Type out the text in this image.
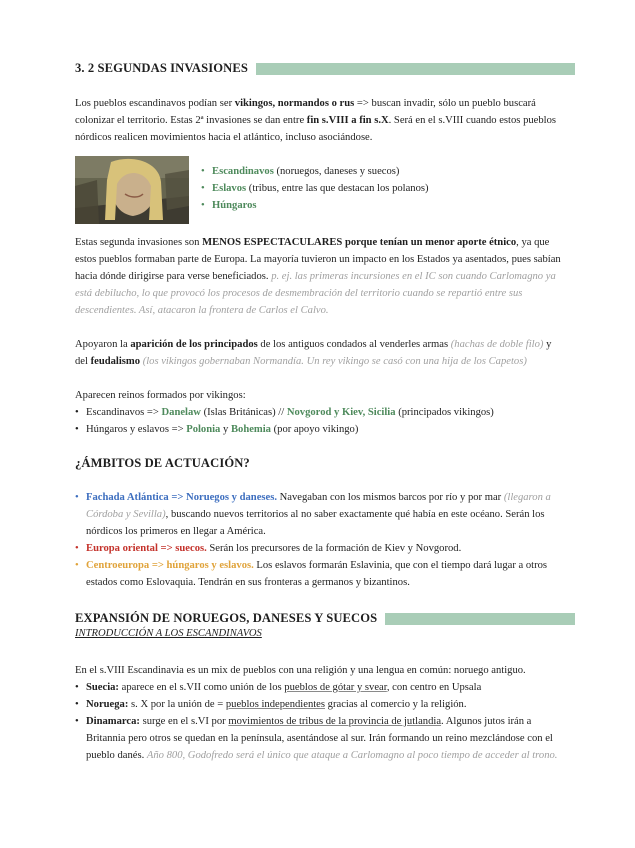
3. 2 SEGUNDAS INVASIONES
Los pueblos escandinavos podían ser vikingos, normandos o rus => buscan invadir, sólo un pueblo buscará colonizar el territorio. Estas 2ª invasiones se dan entre fin s.VIII a fin s.X. Será en el s.VIII cuando estos pueblos nórdicos realicen movimientos hacia el atlántico, incluso asociándose.
• Escandinavos (noruegos, daneses y suecos)
• Eslavos (tribus, entre las que destacan los polanos)
• Húngaros
Estas segunda invasiones son MENOS ESPECTACULARES porque tenían un menor aporte étnico, ya que estos pueblos formaban parte de Europa. La mayoría tuvieron un impacto en los Estados ya asentados, pues sabían hacia dónde dirigirse para verse beneficiados. p. ej. las primeras incursiones en el IC son cuando Carlomagno ya está debilucho, lo que provocó los procesos de desmembración del territorio cuando se repartió entre sus descendientes. Así, atacaron la frontera de Carlos el Calvo.
Apoyaron la aparición de los principados de los antiguos condados al venderles armas (hachas de doble filo) y del feudalismo (los vikingos gobernaban Normandía. Un rey vikingo se casó con una hija de los Capetos)
Aparecen reinos formados por vikingos:
• Escandinavos => Danelaw (Islas Británicas) // Novgorod y Kiev, Sicilia (principados vikingos)
• Húngaros y eslavos => Polonia y Bohemia (por apoyo vikingo)
¿ÁMBITOS DE ACTUACIÓN?
• Fachada Atlántica => Noruegos y daneses. Navegaban con los mismos barcos por río y por mar (llegaron a Córdoba y Sevilla), buscando nuevos territorios al no saber exactamente qué había en este océano. Serán los nórdicos los primeros en llegar a América.
• Europa oriental => suecos. Serán los precursores de la formación de Kiev y Novgorod.
• Centroeuropa => húngaros y eslavos. Los eslavos formarán Eslavinia, que con el tiempo dará lugar a otros estados como Eslovaquia. Tendrán en sus fronteras a germanos y bizantinos.
EXPANSIÓN DE NORUEGOS, DANESES Y SUECOS
INTRODUCCIÓN A LOS ESCANDINAVOS
En el s.VIII Escandinavia es un mix de pueblos con una religión y una lengua en común: noruego antiguo.
• Suecia: aparece en el s.VII como unión de los pueblos de gótar y svear, con centro en Upsala
• Noruega: s. X por la unión de = pueblos independientes gracias al comercio y la religión.
• Dinamarca: surge en el s.VI por movimientos de tribus de la provincia de jutlandia. Algunos jutos irán a Britannia pero otros se quedan en la península, asentándose al sur. Irán formando un reino mezclándose con el pueblo danés. Año 800, Godofredo será el único que ataque a Carlomagno al poco tiempo de acceder al trono.
